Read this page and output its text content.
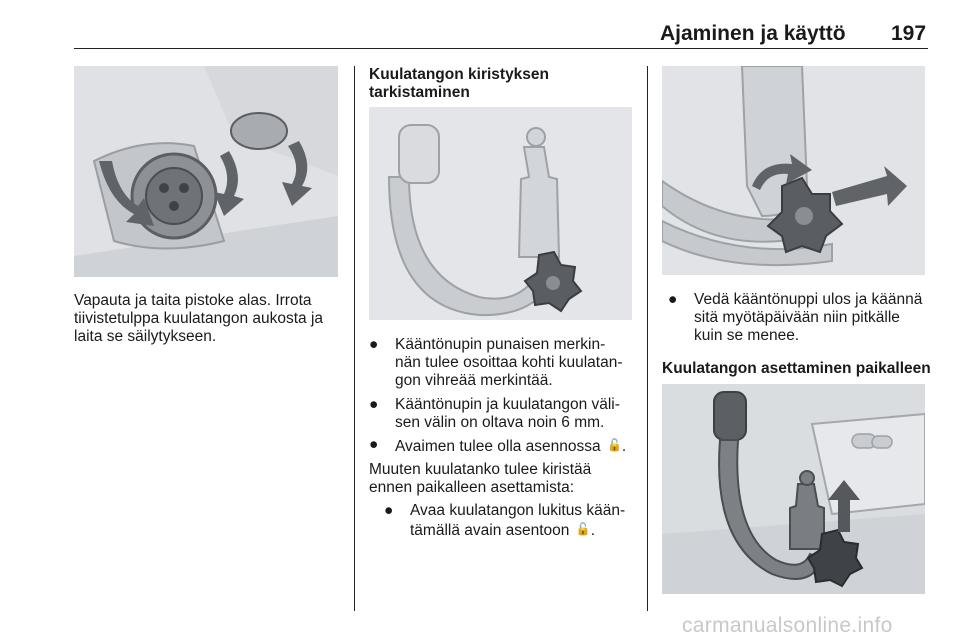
Ajaminen ja käyttö 197
Vapauta ja taita pistoke alas. Irrota
tiivistetulppa kuulatangon aukosta ja
laita se säilytykseen.
Kuulatangon kiristyksen
tarkistaminen
● Kääntönupin punaisen merkin-
nän tulee osoittaa kohti kuulatan-
gon vihreää merkintää.
● Kääntönupin ja kuulatangon väli-
sen välin on oltava noin 6 mm.
● Avaimen tulee olla asennossa 🔓.
Muuten kuulatanko tulee kiristää
ennen paikalleen asettamista:
● Avaa kuulatangon lukitus kään-
tämällä avain asentoon 🔓.
● Vedä kääntönuppi ulos ja käännä
sitä myötäpäivään niin pitkälle
kuin se menee.
Kuulatangon asettaminen paikalleen
carmanualsonline.info
